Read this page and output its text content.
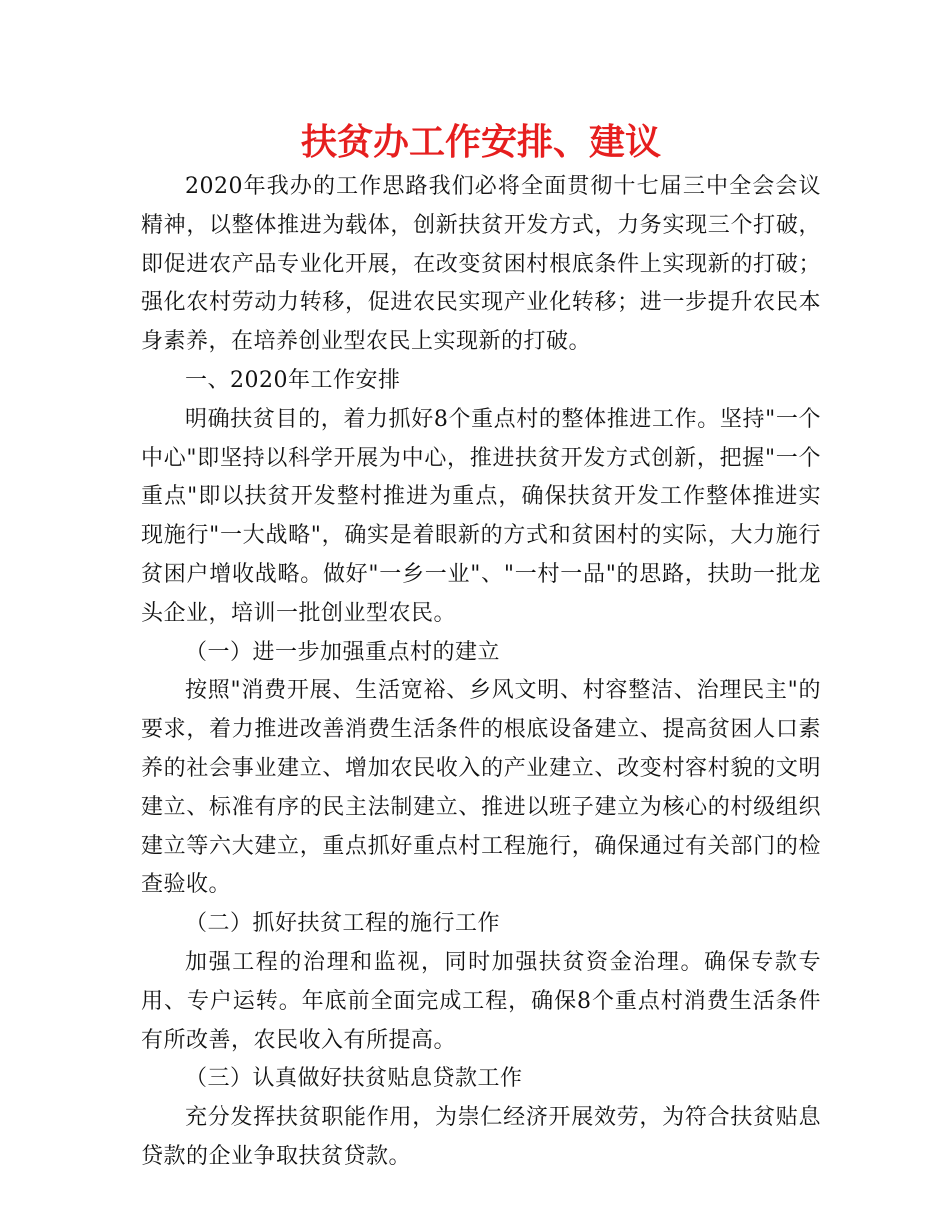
扶贫办工作安排、建议

2020年我办的工作思路我们必将全面贯彻十七届三中全会会议精神，以整体推进为载体，创新扶贫开发方式，力务实现三个打破，即促进农产品专业化开展，在改变贫困村根底条件上实现新的打破；强化农村劳动力转移，促进农民实现产业化转移；进一步提升农民本身素养，在培养创业型农民上实现新的打破。

一、2020年工作安排

明确扶贫目的，着力抓好8个重点村的整体推进工作。坚持"一个中心"即坚持以科学开展为中心，推进扶贫开发方式创新，把握"一个重点"即以扶贫开发整村推进为重点，确保扶贫开发工作整体推进实现施行"一大战略"，确实是着眼新的方式和贫困村的实际，大力施行贫困户增收战略。做好"一乡一业"、"一村一品"的思路，扶助一批龙头企业，培训一批创业型农民。

（一）进一步加强重点村的建立

按照"消费开展、生活宽裕、乡风文明、村容整洁、治理民主"的要求，着力推进改善消费生活条件的根底设备建立、提高贫困人口素养的社会事业建立、增加农民收入的产业建立、改变村容村貌的文明建立、标准有序的民主法制建立、推进以班子建立为核心的村级组织建立等六大建立，重点抓好重点村工程施行，确保通过有关部门的检查验收。

（二）抓好扶贫工程的施行工作

加强工程的治理和监视，同时加强扶贫资金治理。确保专款专用、专户运转。年底前全面完成工程，确保8个重点村消费生活条件有所改善，农民收入有所提高。

（三）认真做好扶贫贴息贷款工作

充分发挥扶贫职能作用，为崇仁经济开展效劳，为符合扶贫贴息贷款的企业争取扶贫贷款。
